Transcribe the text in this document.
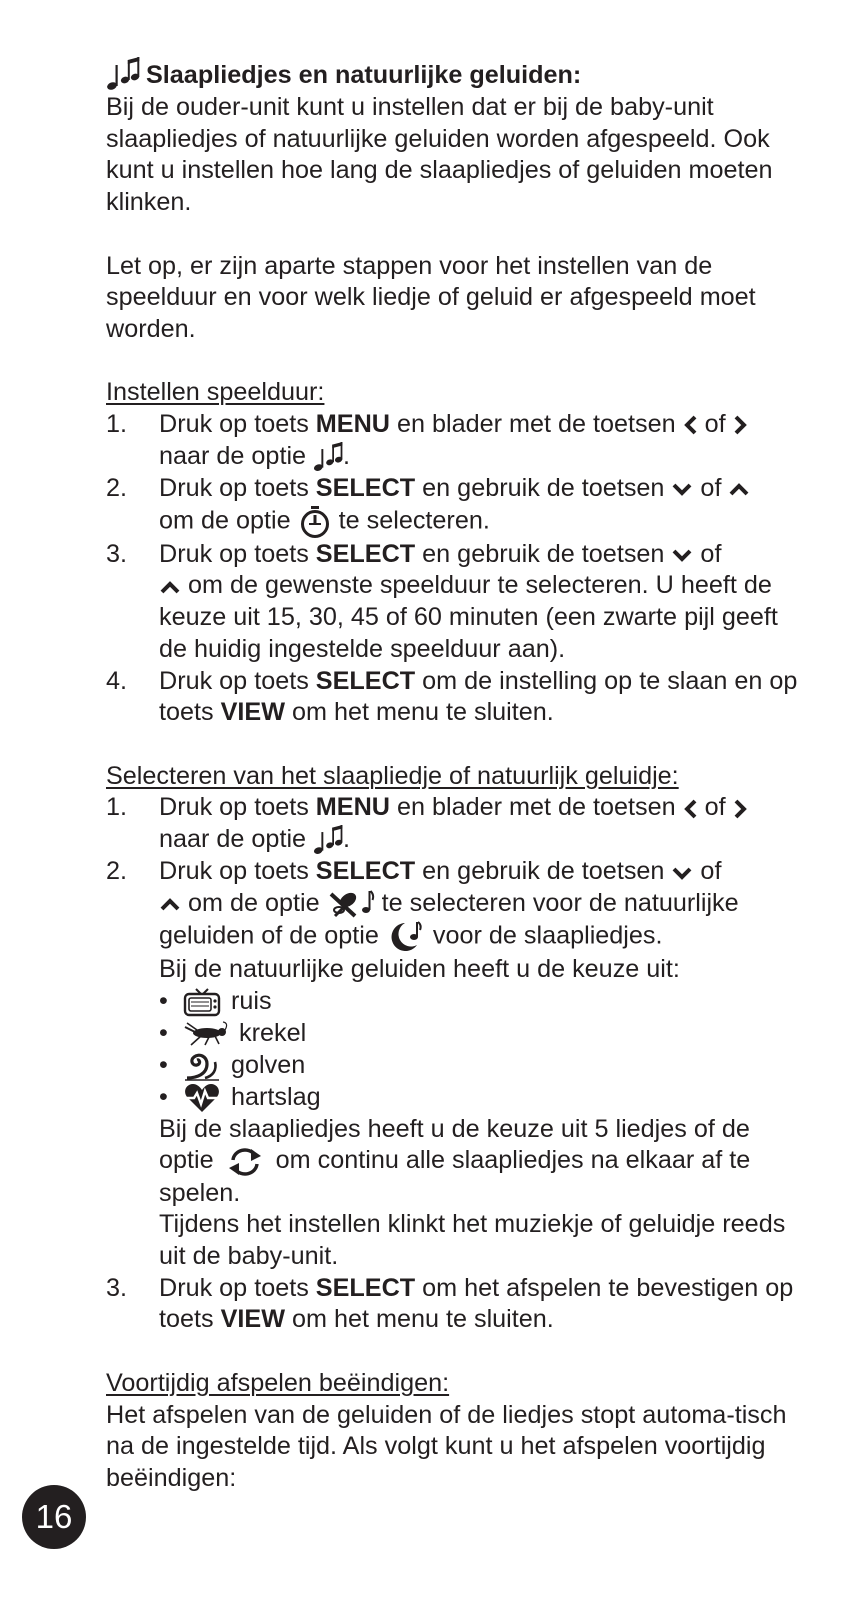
Slaapliedjes en natuurlijke geluiden:

Bij de ouder-unit kunt u instellen dat er bij de baby-unit slaapliedjes of natuurlijke geluiden worden afgespeeld. Ook kunt u instellen hoe lang de slaapliedjes of geluiden moeten klinken.

Let op, er zijn aparte stappen voor het instellen van de speelduur en voor welk liedje of geluid er afgespeeld moet worden.

Instellen speelduur:

1.	Druk op toets MENU en blader met de toetsen
of

naar de optie
.
2.	Druk op toets SELECT en gebruik de toetsen
of

om de optie
te selecteren.
3.	Druk op toets SELECT en gebruik de toetsen
of

om de gewenste speelduur te selecteren. U heeft de keuze uit 15, 30, 45 of 60 minuten (een zwarte pijl geeft de huidig ingestelde speelduur aan).
4.	Druk op toets SELECT om de instelling op te slaan en op toets VIEW om het menu te sluiten.

Selecteren van het slaapliedje of natuurlijk geluidje:

1.	Druk op toets MENU en blader met de toetsen
of

naar de optie
.
2.	Druk op toets SELECT en gebruik de toetsen
of

om de optie
te selecteren voor de natuurlijke geluiden of de optie
voor de slaapliedjes.
Bij de natuurlijke geluiden heeft u de keuze uit:
•	ruis
•	krekel
•	golven
•	hartslag
Bij de slaapliedjes heeft u de keuze uit 5 liedjes of de optie
om continu alle slaapliedjes na elkaar af te spelen.
Tijdens het instellen klinkt het muziekje of geluidje reeds uit de baby-unit.
3.	Druk op toets SELECT om het afspelen te bevestigen op toets VIEW om het menu te sluiten.

Voortijdig afspelen beëindigen:

Het afspelen van de geluiden of de liedjes stopt automa-tisch na de ingestelde tijd. Als volgt kunt u het afspelen voortijdig beëindigen:

16
